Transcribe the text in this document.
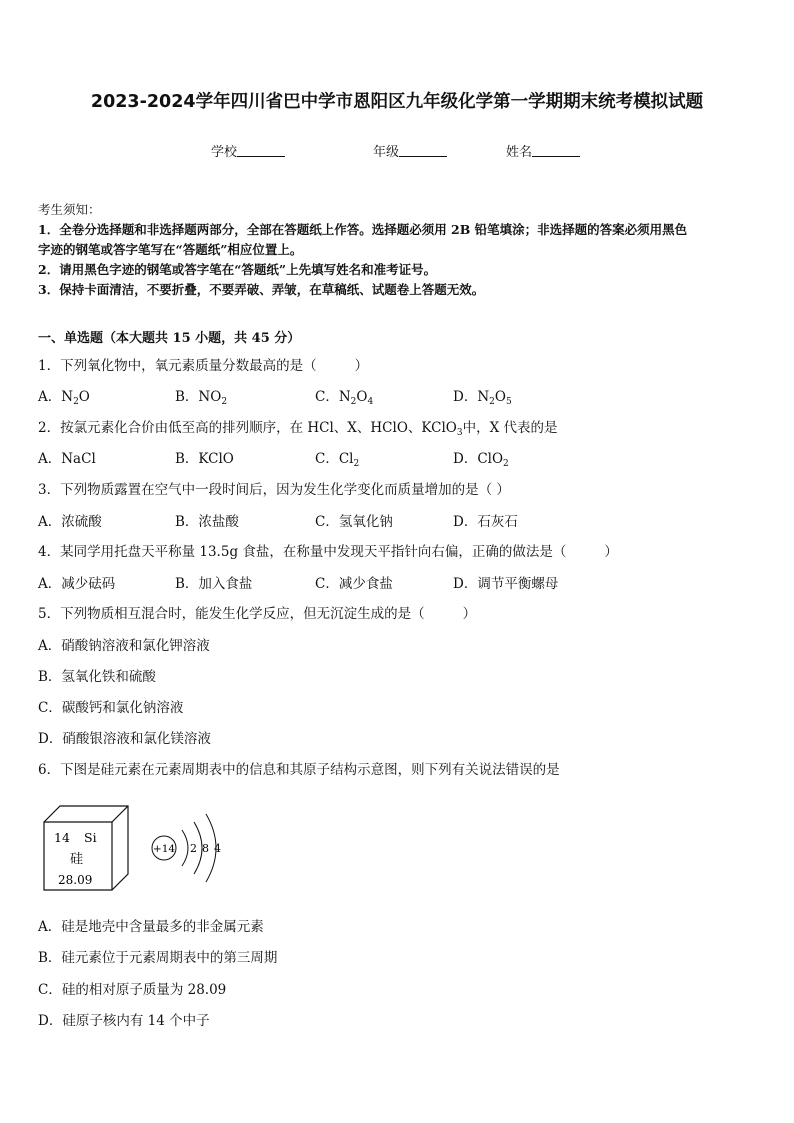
2023-2024学年四川省巴中学市恩阳区九年级化学第一学期期末统考模拟试题
学校	年级	姓名
考生须知：
1．全卷分选择题和非选择题两部分，全部在答题纸上作答。选择题必须用 2B 铅笔填涂；非选择题的答案必须用黑色
字迹的钢笔或答字笔写在“答题纸”相应位置上。
2．请用黑色字迹的钢笔或答字笔在“答题纸”上先填写姓名和准考证号。
3．保持卡面清洁，不要折叠，不要弄破、弄皱，在草稿纸、试题卷上答题无效。
一、单选题（本大题共 15 小题，共 45 分）
1．下列氧化物中，氧元素质量分数最高的是（	）
A．$N_2O$	B．$NO_2$	C．$N_2O_4$	D．$N_2O_5$
2．按氯元素化合价由低至高的排列顺序，在 HCl、X、HClO、KClO$_3$中，X 代表的是
A．NaCl	B．KClO	C．$Cl_2$	D．ClO$_2$
3．下列物质露置在空气中一段时间后，因为发生化学变化而质量增加的是（ ）
A．浓硫酸	B．浓盐酸	C．氢氧化钠	D．石灰石
4．某同学用托盘天平称量 13.5g 食盐，在称量中发现天平指针向右偏，正确的做法是（	）
A．减少砝码	B．加入食盐	C．减少食盐	D．调节平衡螺母
5．下列物质相互混合时，能发生化学反应，但无沉淀生成的是（	）
A．硝酸钠溶液和氯化钾溶液
B．氢氧化铁和硫酸
C．碳酸钙和氯化钠溶液
D．硝酸银溶液和氯化镁溶液
6．下图是硅元素在元素周期表中的信息和其原子结构示意图，则下列有关说法错误的是
14 Si
硅
28.09
+14 2 8 4
A．硅是地壳中含量最多的非金属元素
B．硅元素位于元素周期表中的第三周期
C．硅的相对原子质量为 28.09
D．硅原子核内有 14 个中子
